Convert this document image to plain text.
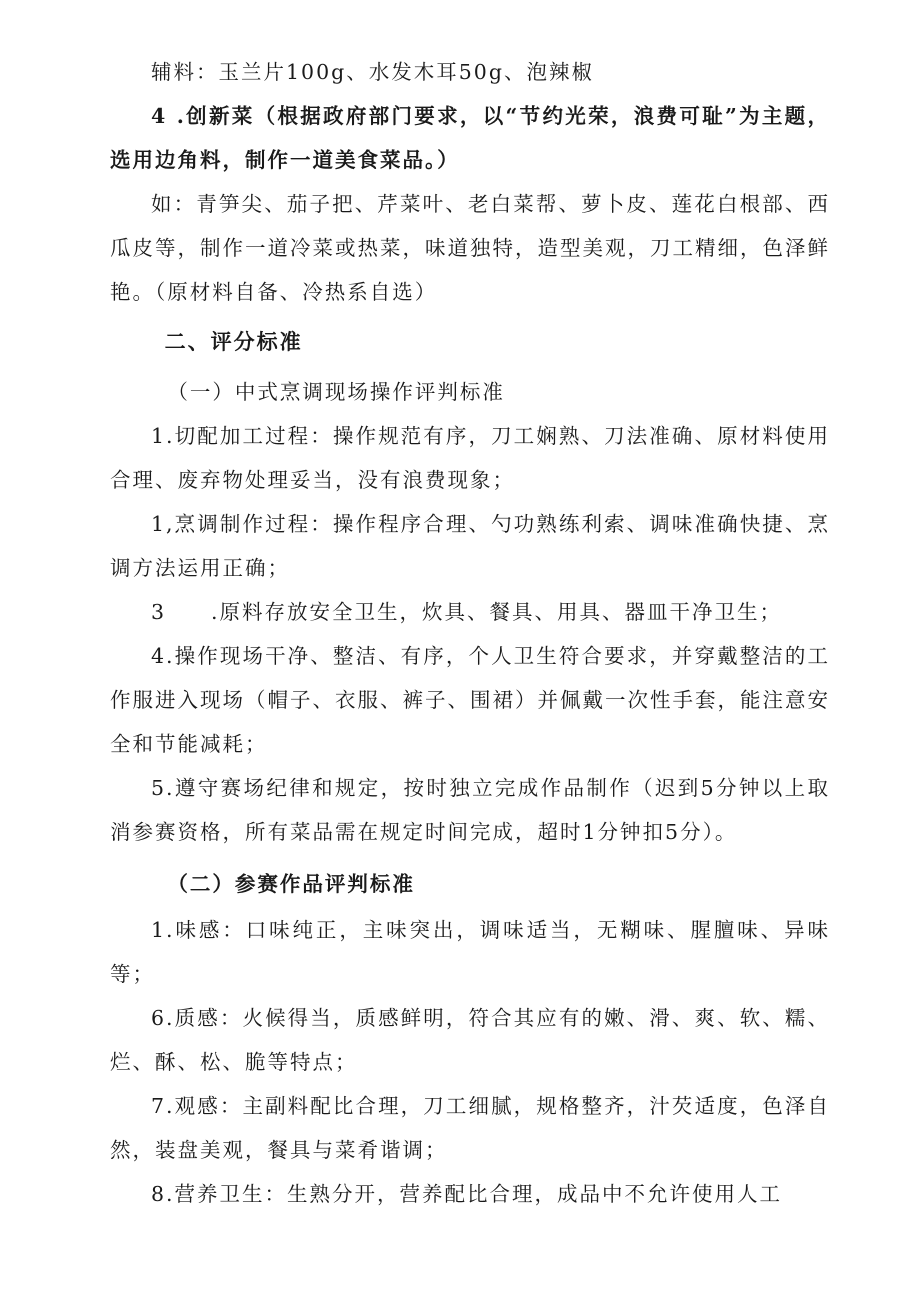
辅料：玉兰片100g、水发木耳50g、泡辣椒

4 .创新菜（根据政府部门要求，以“节约光荣，浪费可耻”为主题，选用边角料，制作一道美食菜品。）

如：青笋尖、茄子把、芹菜叶、老白菜帮、萝卜皮、莲花白根部、西瓜皮等，制作一道冷菜或热菜，味道独特，造型美观，刀工精细，色泽鲜艳。（原材料自备、冷热系自选）

二、评分标准

（一）中式烹调现场操作评判标准

1.切配加工过程：操作规范有序，刀工娴熟、刀法准确、原材料使用合理、废弃物处理妥当，没有浪费现象；

1,烹调制作过程：操作程序合理、勺功熟练利索、调味准确快捷、烹调方法运用正确；

3　　.原料存放安全卫生，炊具、餐具、用具、器皿干净卫生；

4.操作现场干净、整洁、有序，个人卫生符合要求，并穿戴整洁的工作服进入现场（帽子、衣服、裤子、围裙）并佩戴一次性手套，能注意安全和节能减耗；

5.遵守赛场纪律和规定，按时独立完成作品制作（迟到5分钟以上取消参赛资格，所有菜品需在规定时间完成，超时1分钟扣5分）。

（二）参赛作品评判标准

1.味感：口味纯正，主味突出，调味适当，无糊味、腥膻味、异味等；

6.质感：火候得当，质感鲜明，符合其应有的嫩、滑、爽、软、糯、烂、酥、松、脆等特点；

7.观感：主副料配比合理，刀工细腻，规格整齐，汁芡适度，色泽自然，装盘美观，餐具与菜肴谐调；

8.营养卫生：生熟分开，营养配比合理，成品中不允许使用人工
